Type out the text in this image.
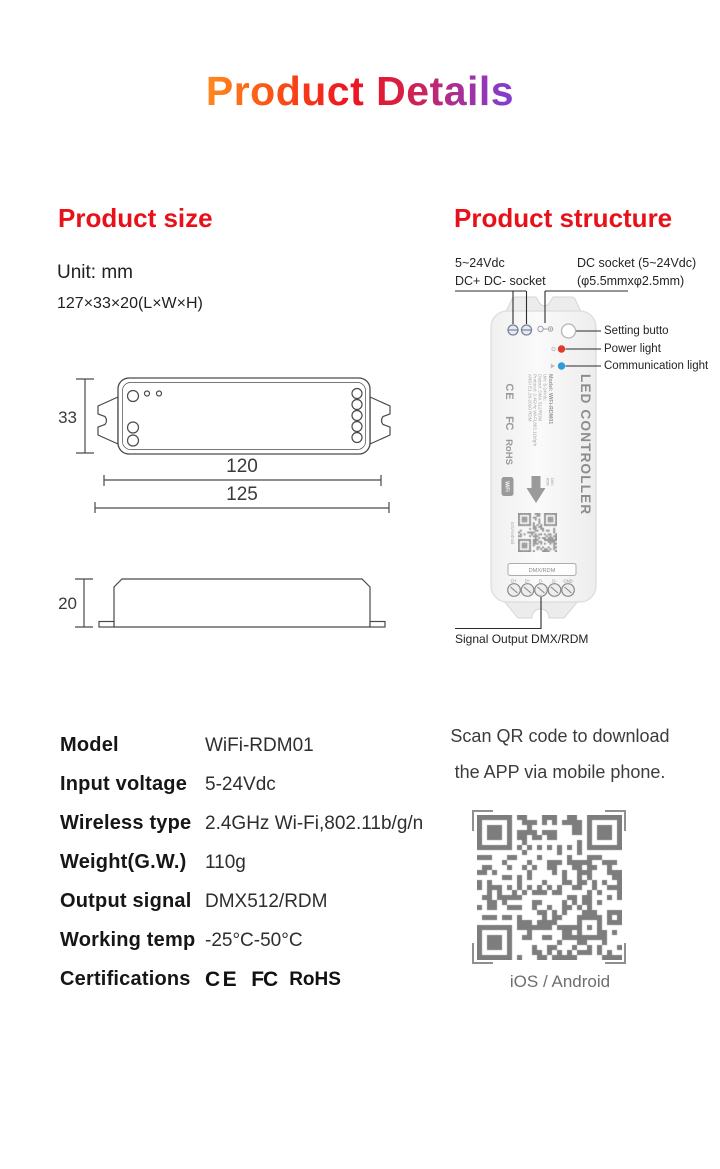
Product Details
Product size	Product structure
Unit: mm
127×33×20(L×W×H)
33
120
125
20
5~24Vdc
DC+ DC- socket
DC socket (5~24Vdc)
(φ5.5mmxφ2.5mm)
Setting butto
Power light
Communication light
Signal Output DMX/RDM
LED CONTROLLER
Model: WiFi-RDM01
Uin: 5-24Vdc
Output: DMX 512/RDM
Protocol: 2.4GHz Wi-Fi,802.11b/g/n
ANSI E1.20-2010 RDM
CE
FC
RoHS
WiFi	RDM DMX
iOS/Android
DMX/RDM
D+ D+ D- D- GND
Model	WiFi-RDM01
Input voltage 5-24Vdc
Wireless type 2.4GHz Wi-Fi,802.11b/g/n
Weight(G.W.) 110g
Output signal DMX512/RDM
Working temp -25°C-50°C
Certifications CE FC RoHS
Scan QR code to download
the APP via mobile phone.
iOS / Android
